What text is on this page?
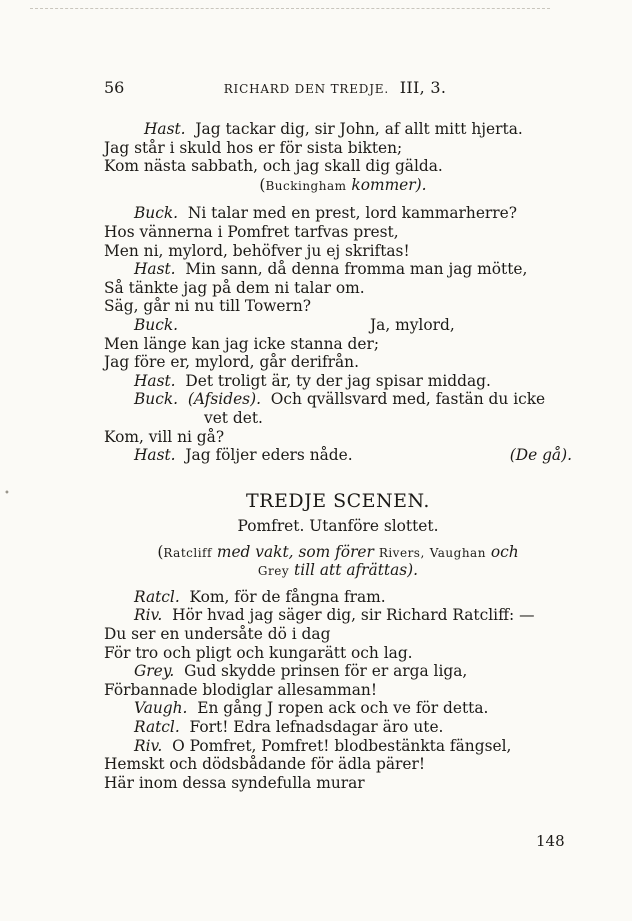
•
56	RICHARD DEN TREDJE. III, 3.
Hast. Jag tackar dig, sir John, af allt mitt hjerta.
Jag står i skuld hos er för sista bikten;
Kom nästa sabbath, och jag skall dig gälda.
(Buckingham kommer).
Buck. Ni talar med en prest, lord kammarherre?
Hos vännerna i Pomfret tarfvas prest,
Men ni, mylord, behöfver ju ej skriftas!
Hast. Min sann, då denna fromma man jag mötte,
Så tänkte jag på dem ni talar om.
Säg, går ni nu till Towern?
Buck.	Ja, mylord,
Men länge kan jag icke stanna der;
Jag före er, mylord, går derifrån.
Hast. Det troligt är, ty der jag spisar middag.
Buck. (Afsides). Och qvällsvard med, fastän du icke
vet det.
Kom, vill ni gå?
Hast. Jag följer eders nåde.	(De gå).
TREDJE SCENEN.
Pomfret. Utanföre slottet.
(Ratcliff med vakt, som förer Rivers, Vaughan och
Grey till att afrättas).
Ratcl. Kom, för de fångna fram.
Riv. Hör hvad jag säger dig, sir Richard Ratcliff: —
Du ser en undersåte dö i dag
För tro och pligt och kungarätt och lag.
Grey. Gud skydde prinsen för er arga liga,
Förbannade blodiglar allesamman!
Vaugh. En gång J ropen ack och ve för detta.
Ratcl. Fort! Edra lefnadsdagar äro ute.
Riv. O Pomfret, Pomfret! blodbestänkta fängsel,
Hemskt och dödsbådande för ädla pärer!
Här inom dessa syndefulla murar
148
